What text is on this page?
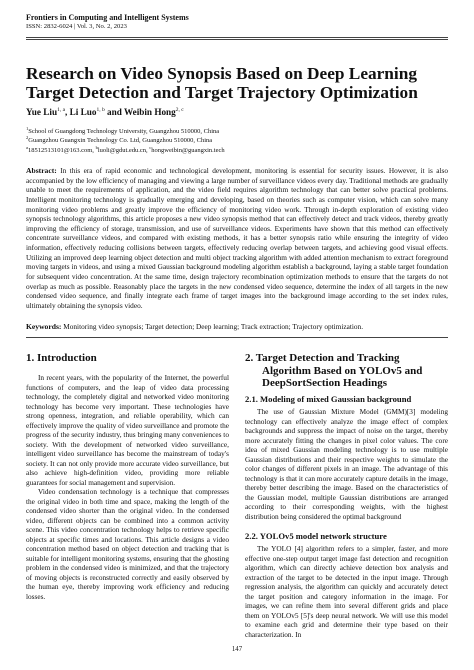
Frontiers in Computing and Intelligent Systems
ISSN: 2832-6024 | Vol. 3, No. 2, 2023
Research on Video Synopsis Based on Deep Learning Target Detection and Target Trajectory Optimization
Yue Liu$^{1, a}$, Li Luo$^{1, b}$ and Weibin Hong$^{2, c}$
$^1$School of Guangdong Technology University, Guangzhou 510000, China
$^2$Guangzhou Guangxin Technology Co. Ltd, Guangzhou 510000, China
$^a$18512513101@163.com, $^b$luoli@gdut.edu.cn, $^c$hongweibin@guangxin.tech
Abstract: In this era of rapid economic and technological development, monitoring is essential for security issues. However, it is also accompanied by the low efficiency of managing and viewing a large number of surveillance videos every day. Traditional methods are gradually unable to meet the requirements of application, and the video field requires algorithm technology that can better solve practical problems. Intelligent monitoring technology is gradually emerging and developing, based on theories such as computer vision, which can solve many monitoring video problems and greatly improve the efficiency of monitoring video work. Through in-depth exploration of existing video synopsis technology algorithms, this article proposes a new video synopsis method that can effectively detect and track videos, thereby greatly improving the efficiency of storage, transmission, and use of surveillance videos. Experiments have shown that this method can effectively concentrate surveillance videos, and compared with existing methods, it has a better synopsis ratio while ensuring the integrity of video information, effectively reducing collisions between targets, effectively reducing overlap between targets, and achieving good visual effects. Utilizing an improved deep learning object detection and multi object tracking algorithm with added attention mechanism to extract foreground moving targets in videos, and using a mixed Gaussian background modeling algorithm establish a background, laying a stable target foundation for subsequent video concentration. At the same time, design trajectory recombination optimization methods to ensure that the targets do not overlap as much as possible. Reasonably place the targets in the new condensed video sequence, determine the index of all targets in the new condensed video sequence, and finally integrate each frame of target images into the background image according to the set index rules, ultimately obtaining the synopsis video.
Keywords: Monitoring video synopsis; Target detection; Deep learning; Track extraction; Trajectory optimization.
1. Introduction

In recent years, with the popularity of the Internet, the powerful functions of computers, and the leap of video data processing technology, the completely digital and networked video monitoring technology has become very important. These technologies have strong openness, integration, and reliable operability, which can effectively improve the quality of video surveillance and promote the progress of the security industry, thus bringing many conveniences to society. With the development of networked video surveillance, intelligent video surveillance has become the mainstream of today's society. It can not only provide more accurate video surveillance, but also achieve high-definition video, providing more reliable guarantees for social management and supervision.

Video condensation technology is a technique that compresses the original video in both time and space, making the length of the condensed video shorter than the original video. In the condensed video, different objects can be combined into a common activity scene. This video concentration technology helps to retrieve specific objects at specific times and locations. This article designs a video concentration method based on object detection and tracking that is suitable for intelligent monitoring systems, ensuring that the ghosting problem in the condensed video is minimized, and that the trajectory of moving objects is reconstructed correctly and easily observed by the human eye, thereby improving work efficiency and reducing losses.

2. Target Detection and Tracking
Algorithm Based on YOLOv5 and
DeepSortSection Headings
2.1. Modeling of mixed Gaussian background

The use of Gaussian Mixture Model (GMM)[3] modeling technology can effectively analyze the image effect of complex backgrounds and suppress the impact of noise on the target, thereby more accurately fitting the changes in pixel color values. The core idea of mixed Gaussian modeling technology is to use multiple Gaussian distributions and their respective weights to simulate the color changes of different pixels in an image. The advantage of this technology is that it can more accurately capture details in the image, thereby better describing the image. Based on the characteristics of the Gaussian model, multiple Gaussian distributions are arranged according to their corresponding weights, with the highest distribution being considered the optimal background

2.2. YOLOv5 model network structure

The YOLO [4] algorithm refers to a simpler, faster, and more effective one-step output target image fast detection and recognition algorithm, which can directly achieve detection box analysis and extraction of the target to be detected in the input image. Through regression analysis, the algorithm can quickly and accurately detect the target position and category information in the image. For images, we can refine them into several different grids and place them on YOLOv5 [5]'s deep neural network. We will use this model to examine each grid and determine their type based on their characterization. In

147
